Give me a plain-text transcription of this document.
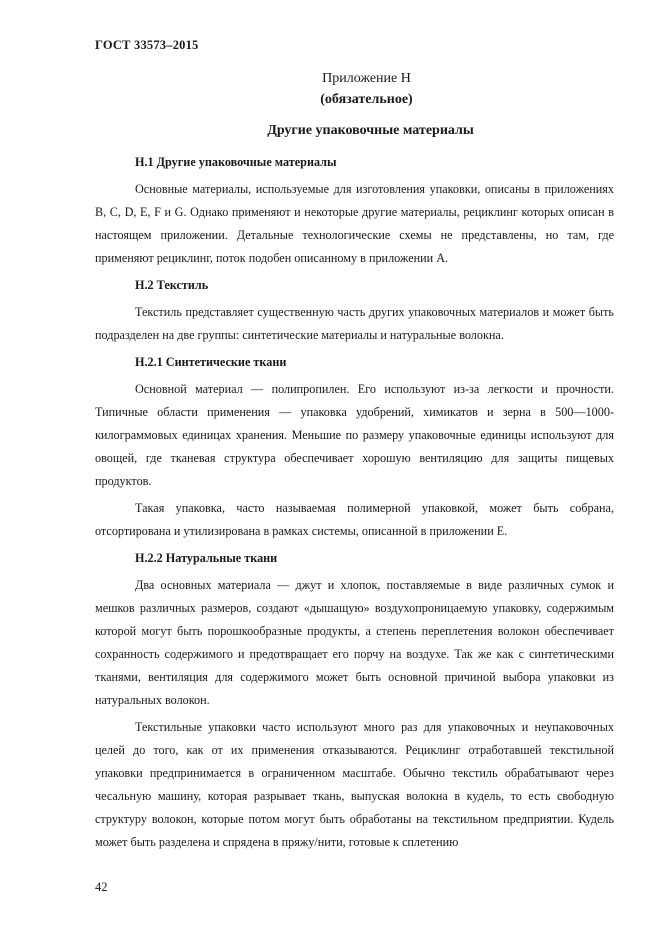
ГОСТ 33573–2015
Приложение Н
(обязательное)
Другие упаковочные материалы
Н.1 Другие упаковочные материалы

Основные материалы, используемые для изготовления упаковки, описаны в приложениях В, С, D, Е, F и G. Однако применяют и некоторые другие материалы, рециклинг которых описан в настоящем приложении. Детальные технологические схемы не представлены, но там, где применяют рециклинг, поток подобен описанному в приложении А.

Н.2 Текстиль

Текстиль представляет существенную часть других упаковочных материалов и может быть подразделен на две группы: синтетические материалы и натуральные волокна.

Н.2.1 Синтетические ткани

Основной материал — полипропилен. Его используют из-за легкости и прочности. Типичные области применения — упаковка удобрений, химикатов и зерна в 500—1000-килограммовых единицах хранения. Меньшие по размеру упаковочные единицы используют для овощей, где тканевая структура обеспечивает хорошую вентиляцию для защиты пищевых продуктов.

Такая упаковка, часто называемая полимерной упаковкой, может быть собрана, отсортирована и утилизирована в рамках системы, описанной в приложении Е.

Н.2.2 Натуральные ткани

Два основных материала — джут и хлопок, поставляемые в виде различных сумок и мешков различных размеров, создают «дышащую» воздухопроницаемую упаковку, содержимым которой могут быть порошкообразные продукты, а степень переплетения волокон обеспечивает сохранность содержимого и предотвращает его порчу на воздухе. Так же как с синтетическими тканями, вентиляция для содержимого может быть основной причиной выбора упаковки из натуральных волокон.

Текстильные упаковки часто используют много раз для упаковочных и неупаковочных целей до того, как от их применения отказываются. Рециклинг отработавшей текстильной упаковки предпринимается в ограниченном масштабе. Обычно текстиль обрабатывают через чесальную машину, которая разрывает ткань, выпуская волокна в кудель, то есть свободную структуру волокон, которые потом могут быть обработаны на текстильном предприятии. Кудель может быть разделена и спрядена в пряжу/нити, готовые к сплетению

42
